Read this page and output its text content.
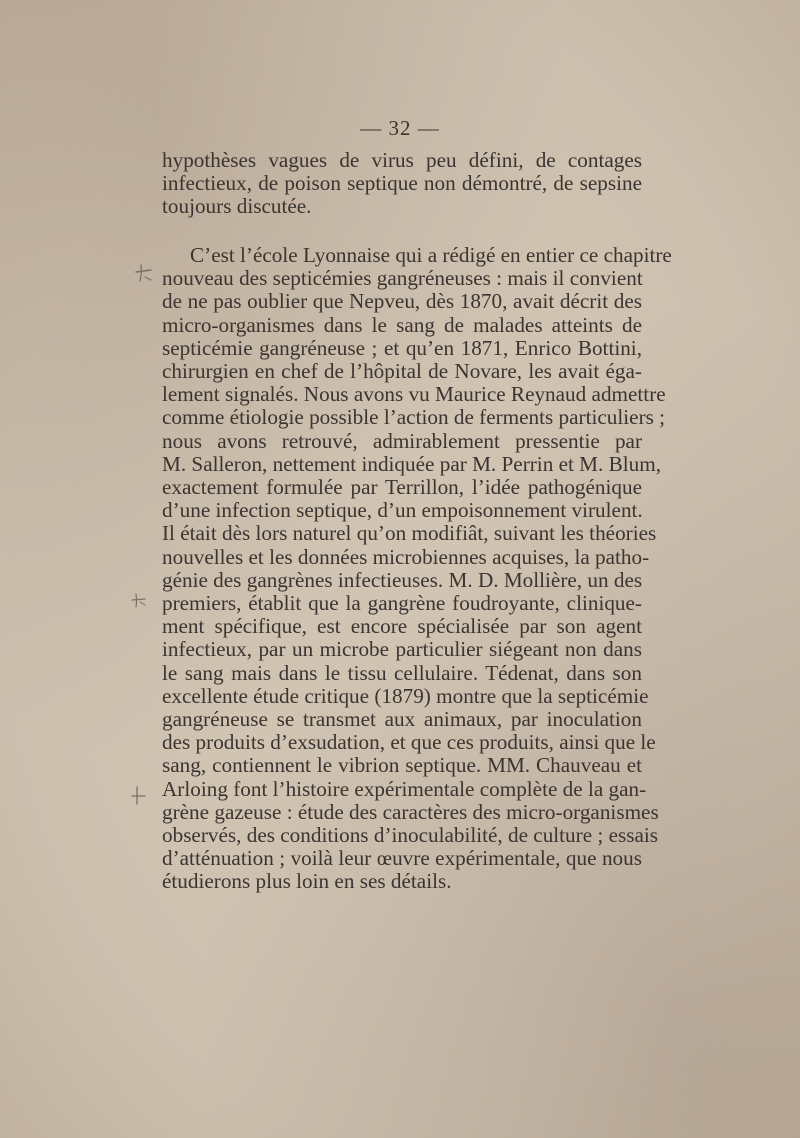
— 32 —
hypothèses vagues de virus peu défini, de contages
infectieux, de poison septique non démontré, de sepsine
toujours discutée.
C’est l’école Lyonnaise qui a rédigé en entier ce chapitre
nouveau des septicémies gangréneuses : mais il convient
de ne pas oublier que Nepveu, dès 1870, avait décrit des
micro-organismes dans le sang de malades atteints de
septicémie gangréneuse ; et qu’en 1871, Enrico Bottini,
chirurgien en chef de l’hôpital de Novare, les avait éga-
lement signalés. Nous avons vu Maurice Reynaud admettre
comme étiologie possible l’action de ferments particuliers ;
nous avons retrouvé, admirablement pressentie par
M. Salleron, nettement indiquée par M. Perrin et M. Blum,
exactement formulée par Terrillon, l’idée pathogénique
d’une infection septique, d’un empoisonnement virulent.
Il était dès lors naturel qu’on modifiât, suivant les théories
nouvelles et les données microbiennes acquises, la patho-
génie des gangrènes infectieuses. M. D. Mollière, un des
premiers, établit que la gangrène foudroyante, clinique-
ment spécifique, est encore spécialisée par son agent
infectieux, par un microbe particulier siégeant non dans
le sang mais dans le tissu cellulaire. Tédenat, dans son
excellente étude critique (1879) montre que la septicémie
gangréneuse se transmet aux animaux, par inoculation
des produits d’exsudation, et que ces produits, ainsi que le
sang, contiennent le vibrion septique. MM. Chauveau et
Arloing font l’histoire expérimentale complète de la gan-
grène gazeuse : étude des caractères des micro-organismes
observés, des conditions d’inoculabilité, de culture ; essais
d’atténuation ; voilà leur œuvre expérimentale, que nous
étudierons plus loin en ses détails.
